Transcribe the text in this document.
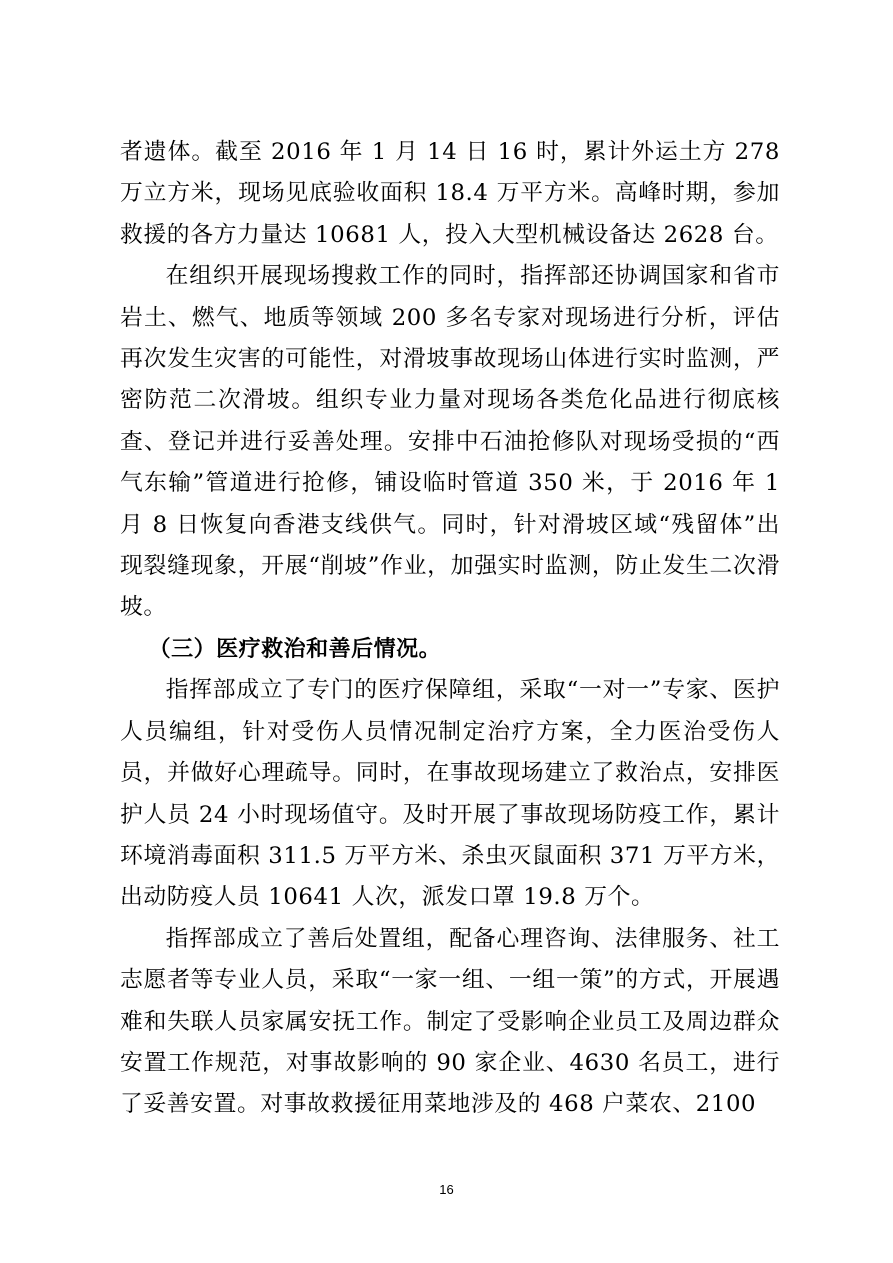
者遗体。截至 2016 年 1 月 14 日 16 时，累计外运土方 278 万立方米，现场见底验收面积 18.4 万平方米。高峰时期，参加救援的各方力量达 10681 人，投入大型机械设备达 2628 台。

在组织开展现场搜救工作的同时，指挥部还协调国家和省市岩土、燃气、地质等领域 200 多名专家对现场进行分析，评估再次发生灾害的可能性，对滑坡事故现场山体进行实时监测，严密防范二次滑坡。组织专业力量对现场各类危化品进行彻底核查、登记并进行妥善处理。安排中石油抢修队对现场受损的“西气东输”管道进行抢修，铺设临时管道 350 米，于 2016 年 1 月 8 日恢复向香港支线供气。同时，针对滑坡区域“残留体”出现裂缝现象，开展“削坡”作业，加强实时监测，防止发生二次滑坡。

（三）医疗救治和善后情况。

指挥部成立了专门的医疗保障组，采取“一对一”专家、医护人员编组，针对受伤人员情况制定治疗方案，全力医治受伤人员，并做好心理疏导。同时，在事故现场建立了救治点，安排医护人员 24 小时现场值守。及时开展了事故现场防疫工作，累计环境消毒面积 311.5 万平方米、杀虫灭鼠面积 371 万平方米，出动防疫人员 10641 人次，派发口罩 19.8 万个。

指挥部成立了善后处置组，配备心理咨询、法律服务、社工志愿者等专业人员，采取“一家一组、一组一策”的方式，开展遇难和失联人员家属安抚工作。制定了受影响企业员工及周边群众安置工作规范，对事故影响的 90 家企业、4630 名员工，进行了妥善安置。对事故救援征用菜地涉及的 468 户菜农、2100

16
